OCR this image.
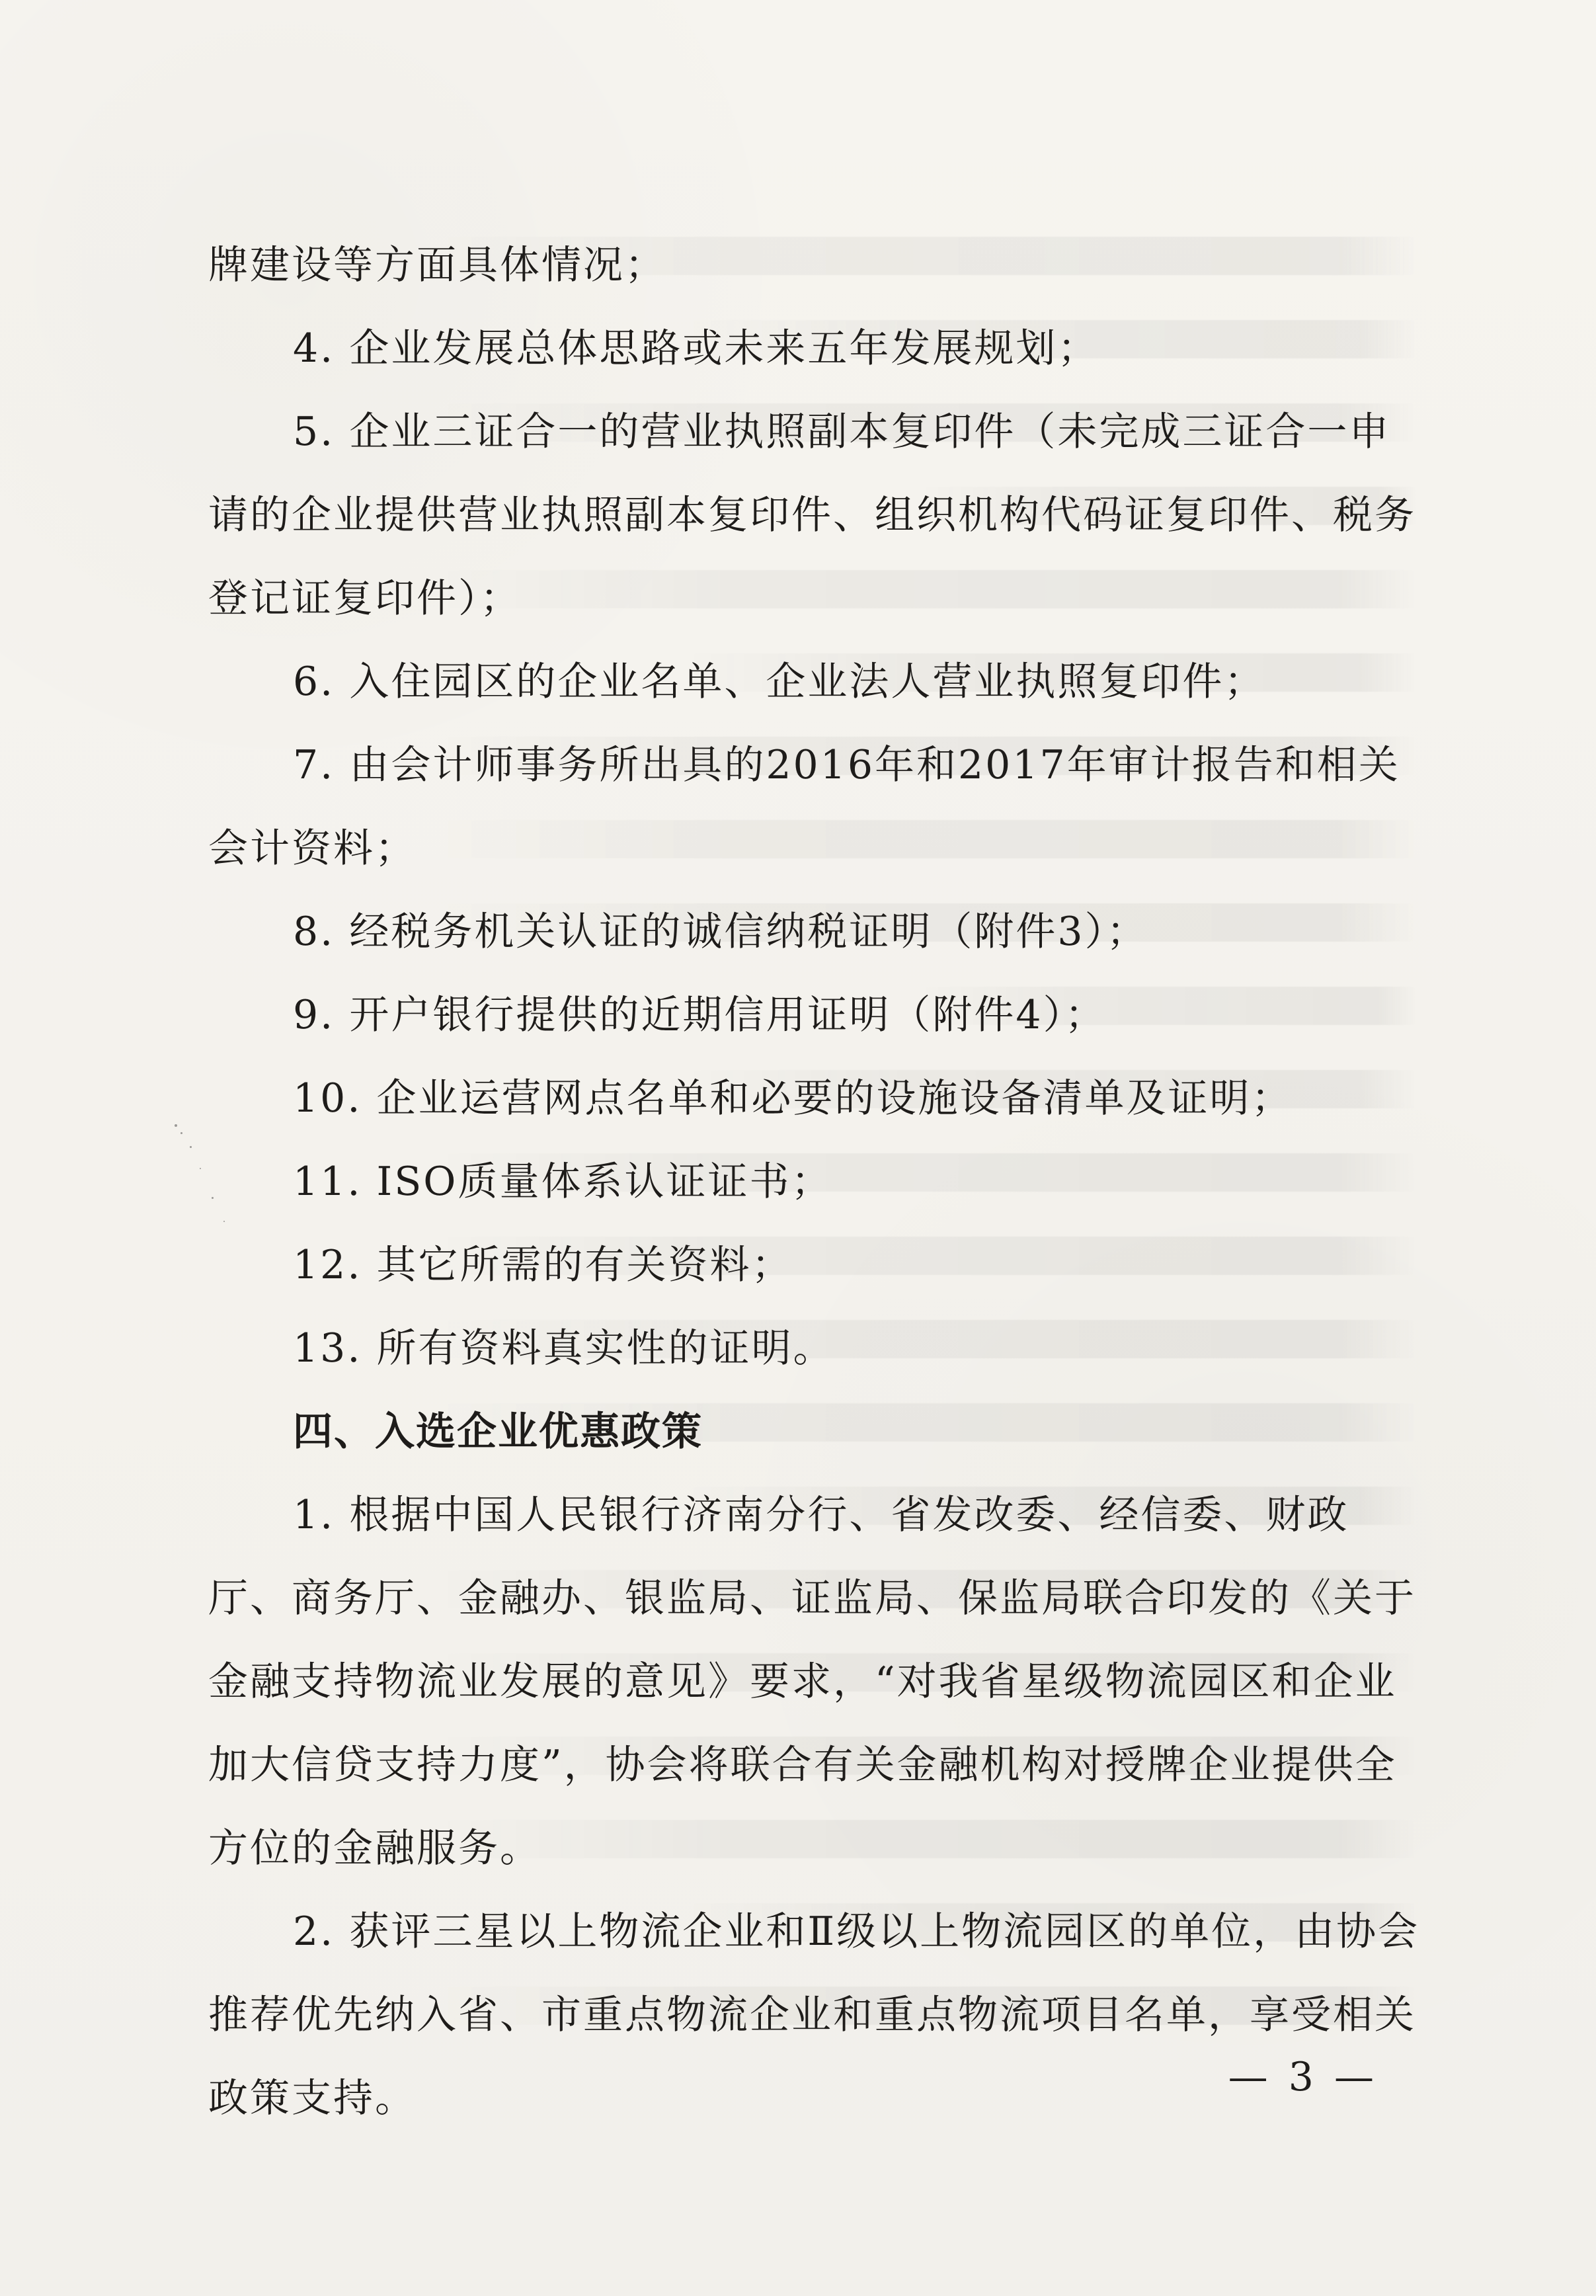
牌建设等方面具体情况；

4. 企业发展总体思路或未来五年发展规划；

5. 企业三证合一的营业执照副本复印件（未完成三证合一申请的企业提供营业执照副本复印件、组织机构代码证复印件、税务登记证复印件）；

6. 入住园区的企业名单、企业法人营业执照复印件；

7. 由会计师事务所出具的2016年和2017年审计报告和相关会计资料；

8. 经税务机关认证的诚信纳税证明（附件3）；

9. 开户银行提供的近期信用证明（附件4）；

10. 企业运营网点名单和必要的设施设备清单及证明；

11. ISO质量体系认证证书；

12. 其它所需的有关资料；

13. 所有资料真实性的证明。

四、入选企业优惠政策

1. 根据中国人民银行济南分行、省发改委、经信委、财政厅、商务厅、金融办、银监局、证监局、保监局联合印发的《关于金融支持物流业发展的意见》要求，“对我省星级物流园区和企业加大信贷支持力度”，协会将联合有关金融机构对授牌企业提供全方位的金融服务。

2. 获评三星以上物流企业和Ⅱ级以上物流园区的单位，由协会推荐优先纳入省、市重点物流企业和重点物流项目名单，享受相关政策支持。	— 3 —
